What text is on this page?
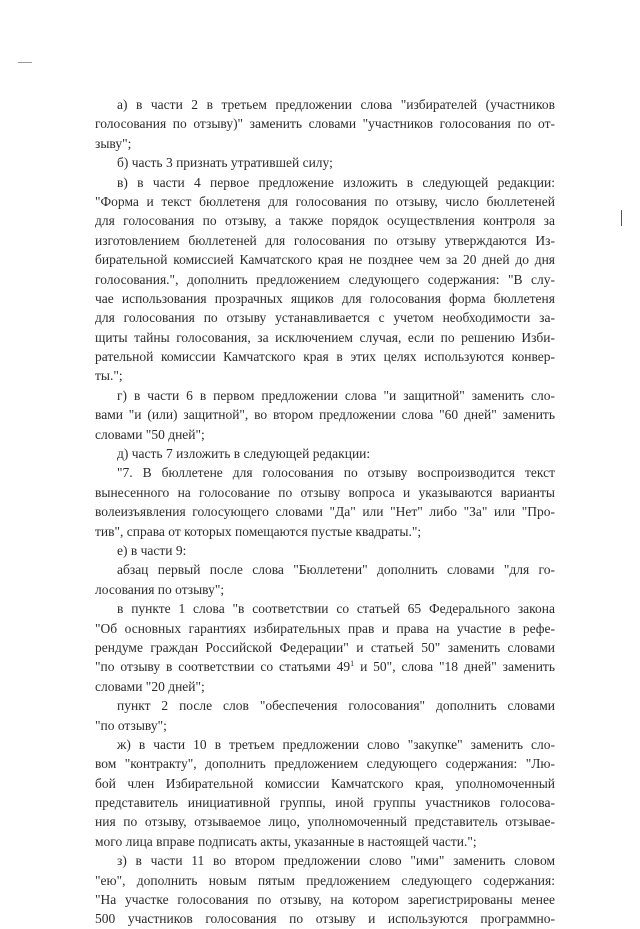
а) в части 2 в третьем предложении слова "избирателей (участников
голосования по отзыву)" заменить словами "участников голосования по от-
зыву";
б) часть 3 признать утратившей силу;
в) в части 4 первое предложение изложить в следующей редакции:
"Форма и текст бюллетеня для голосования по отзыву, число бюллетеней
для голосования по отзыву, а также порядок осуществления контроля за
изготовлением бюллетеней для голосования по отзыву утверждаются Из-
бирательной комиссией Камчатского края не позднее чем за 20 дней до дня
голосования.", дополнить предложением следующего содержания: "В слу-
чае использования прозрачных ящиков для голосования форма бюллетеня
для голосования по отзыву устанавливается с учетом необходимости за-
щиты тайны голосования, за исключением случая, если по решению Изби-
рательной комиссии Камчатского края в этих целях используются конвер-
ты.";
г) в части 6 в первом предложении слова "и защитной" заменить сло-
вами "и (или) защитной", во втором предложении слова "60 дней" заменить
словами "50 дней";
д) часть 7 изложить в следующей редакции:
"7. В бюллетене для голосования по отзыву воспроизводится текст
вынесенного на голосование по отзыву вопроса и указываются варианты
волеизъявления голосующего словами "Да" или "Нет" либо "За" или "Про-
тив", справа от которых помещаются пустые квадраты.";
е) в части 9:
абзац первый после слова "Бюллетени" дополнить словами "для го-
лосования по отзыву";
в пункте 1 слова "в соответствии со статьей 65 Федерального закона
"Об основных гарантиях избирательных прав и права на участие в рефе-
рендуме граждан Российской Федерации" и статьей 50" заменить словами
"по отзыву в соответствии со статьями $49^1$ и 50", слова "18 дней" заменить
словами "20 дней";
пункт 2 после слов "обеспечения голосования" дополнить словами
"по отзыву";
ж) в части 10 в третьем предложении слово "закупке" заменить сло-
вом "контракту", дополнить предложением следующего содержания: "Лю-
бой член Избирательной комиссии Камчатского края, уполномоченный
представитель инициативной группы, иной группы участников голосова-
ния по отзыву, отзываемое лицо, уполномоченный представитель отзывае-
мого лица вправе подписать акты, указанные в настоящей части.";
з) в части 11 во втором предложении слово "ими" заменить словом
"ею", дополнить новым пятым предложением следующего содержания:
"На участке голосования по отзыву, на котором зарегистрированы менее
500 участников голосования по отзыву и используются программно-
